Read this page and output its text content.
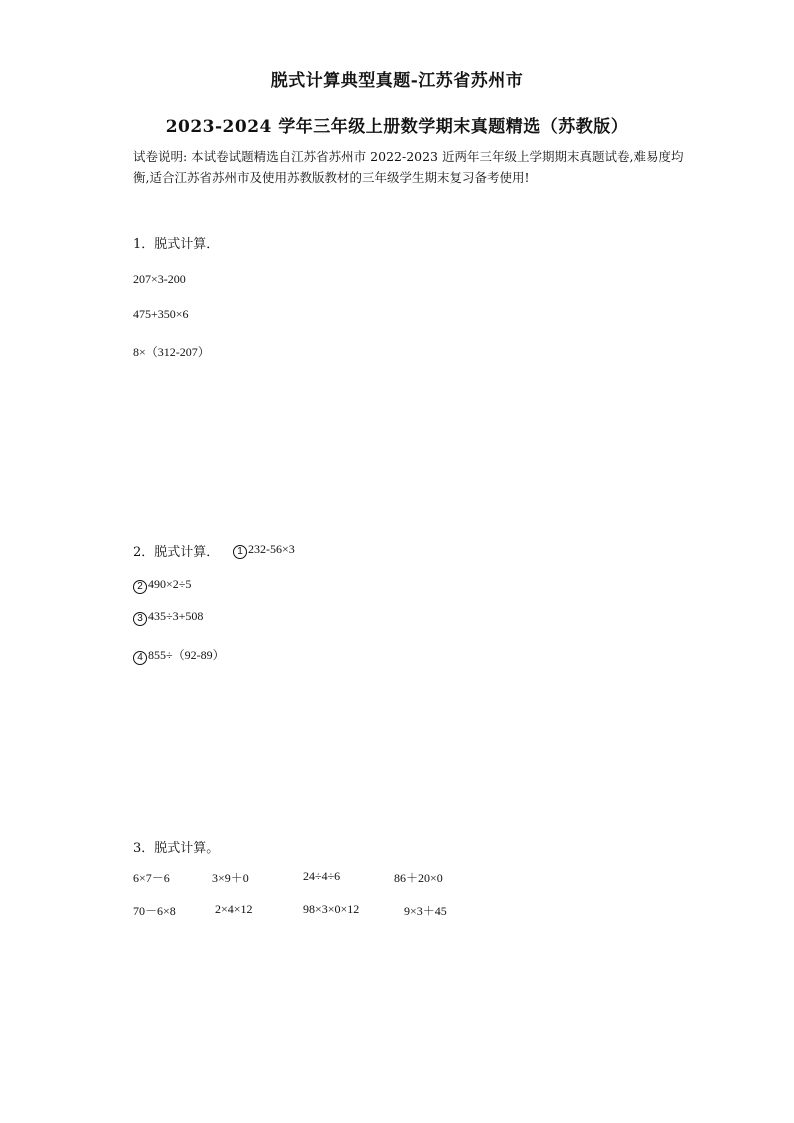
脱式计算典型真题-江苏省苏州市
2023-2024 学年三年级上册数学期末真题精选（苏教版）
试卷说明: 本试卷试题精选自江苏省苏州市 2022-2023 近两年三年级上学期期末真题试卷,难易度均衡,适合江苏省苏州市及使用苏教版教材的三年级学生期末复习备考使用!
1．脱式计算．
207×3-200
475+350×6
8×（312-207）
2．脱式计算．	1 232-56×3
2 490×2÷5
3 435÷3+508
4 855÷（92-89）
3．脱式计算。
6×7－6	3×9＋0	24÷4÷6	86＋20×0
70－6×8	2×4×12	98×3×0×12	9×3＋45
